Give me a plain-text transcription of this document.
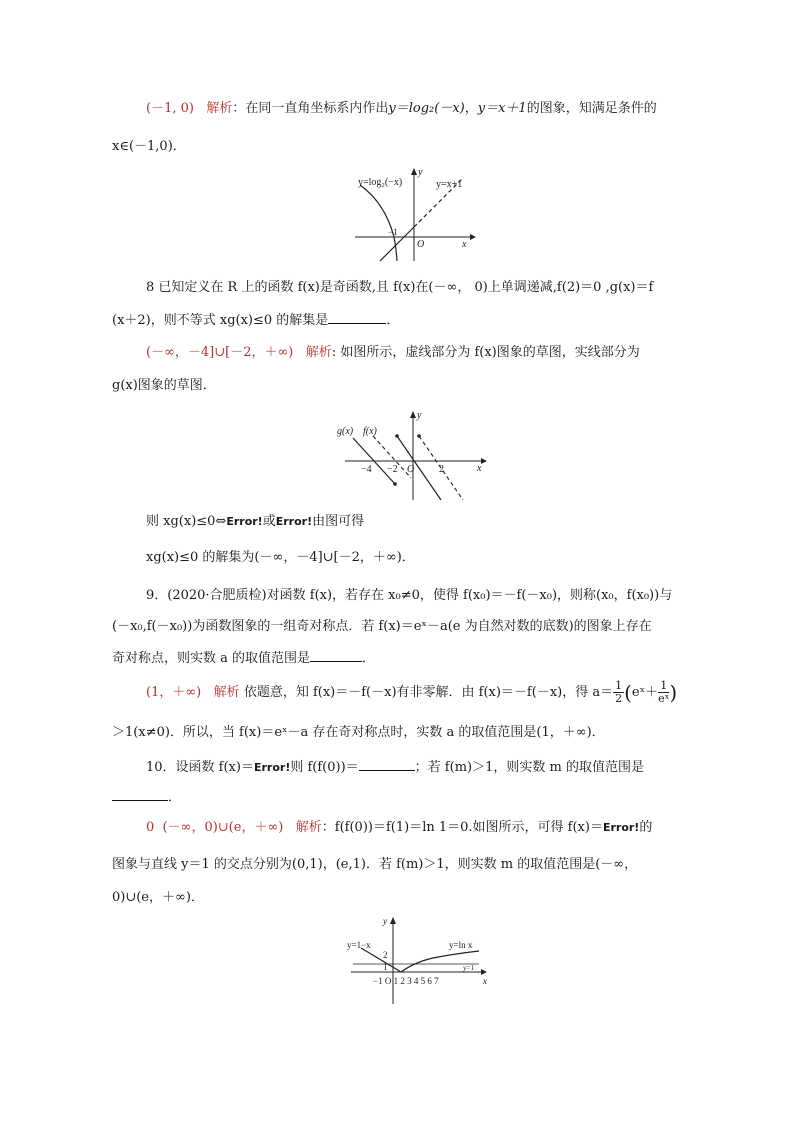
(－1, 0) 解析：在同一直角坐标系内作出y＝log₂(－x)，y＝x＋1的图象，知满足条件的
x∈(－1,0)．
y=log₂(−x)	y=x+1
y
x
O
−1
8 已知定义在 R 上的函数 f(x)是奇函数,且 f(x)在(－∞， 0)上单调递减,f(2)＝0 ,g(x)＝f
(x＋2)，则不等式 xg(x)≤0 的解集是	．
(－∞，－4]∪[－2，＋∞) 解析: 如图所示，虚线部分为 f(x)图象的草图，实线部分为
g(x)图象的草图．
g(x) f(x)
y
x
O
−4 −2	2
则 xg(x)≤0⇔Error!或Error!由图可得
xg(x)≤0 的解集为(－∞，－4]∪[－2，＋∞)．
9．(2020·合肥质检)对函数 f(x)，若存在 x₀≠0，使得 f(x₀)＝－f(－x₀)，则称(x₀，f(x₀))与
(－x₀,f(－x₀))为函数图象的一组奇对称点．若 f(x)＝eˣ－a(e 为自然对数的底数)的图象上存在
奇对称点，则实数 a 的取值范围是	．
(1，＋∞) 解析 依题意，知 f(x)＝－f(－x)有非零解．由 f(x)＝－f(－x)，得 $a= \frac{1}{2}$ (eˣ＋ $\frac{1}{\text{eˣ}}$ )
＞1(x≠0)．所以，当 f(x)＝eˣ－a 存在奇对称点时，实数 a 的取值范围是(1，＋∞)．
10．设函数 f(x)＝Error!则 f(f(0))＝	；若 f(m)＞1，则实数 m 的取值范围是
．
0 (－∞，0)∪(e，＋∞) 解析：f(f(0))＝f(1)＝ln 1＝0.如图所示，可得 f(x)＝Error!的
图象与直线 y＝1 的交点分别为(0,1)，(e,1)．若 f(m)＞1，则实数 m 的取值范围是(－∞，
0)∪(e，＋∞)．
y=1−x	y=ln x
y=1
y
2
1
−1 O 1 2 3 4 5 6 7	x
